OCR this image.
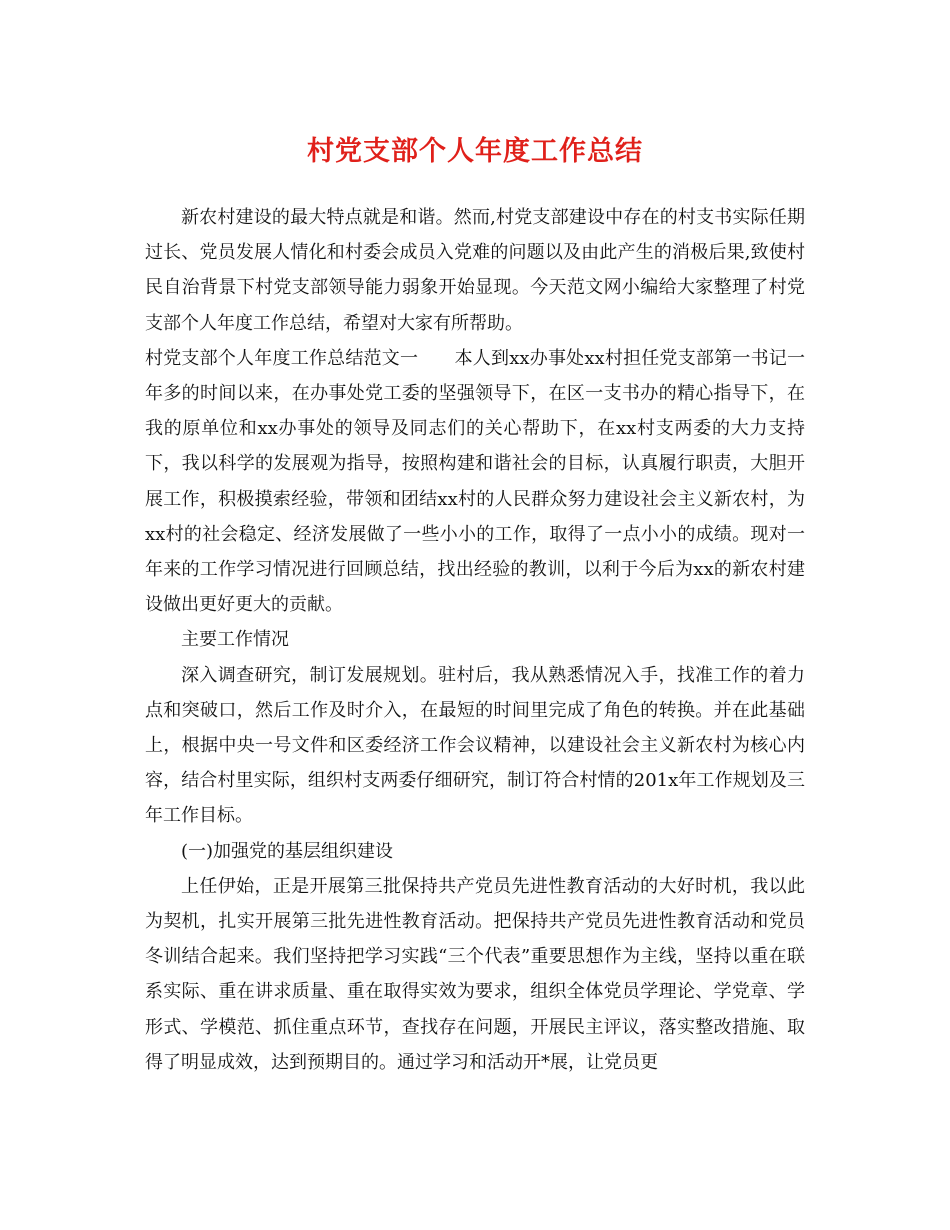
村党支部个人年度工作总结

新农村建设的最大特点就是和谐。然而,村党支部建设中存在的村支书实际任期过长、党员发展人情化和村委会成员入党难的问题以及由此产生的消极后果,致使村民自治背景下村党支部领导能力弱象开始显现。今天范文网小编给大家整理了村党支部个人年度工作总结，希望对大家有所帮助。

村党支部个人年度工作总结范文一　　本人到xx办事处xx村担任党支部第一书记一年多的时间以来，在办事处党工委的坚强领导下，在区一支书办的精心指导下，在我的原单位和xx办事处的领导及同志们的关心帮助下，在xx村支两委的大力支持下，我以科学的发展观为指导，按照构建和谐社会的目标，认真履行职责，大胆开展工作，积极摸索经验，带领和团结xx村的人民群众努力建设社会主义新农村，为xx村的社会稳定、经济发展做了一些小小的工作，取得了一点小小的成绩。现对一年来的工作学习情况进行回顾总结，找出经验的教训，以利于今后为xx的新农村建设做出更好更大的贡献。

主要工作情况

深入调查研究，制订发展规划。驻村后，我从熟悉情况入手，找准工作的着力点和突破口，然后工作及时介入，在最短的时间里完成了角色的转换。并在此基础上，根据中央一号文件和区委经济工作会议精神，以建设社会主义新农村为核心内容，结合村里实际，组织村支两委仔细研究，制订符合村情的201x年工作规划及三年工作目标。

(一)加强党的基层组织建设

上任伊始，正是开展第三批保持共产党员先进性教育活动的大好时机，我以此为契机，扎实开展第三批先进性教育活动。把保持共产党员先进性教育活动和党员冬训结合起来。我们坚持把学习实践“三个代表”重要思想作为主线，坚持以重在联系实际、重在讲求质量、重在取得实效为要求，组织全体党员学理论、学党章、学形式、学模范、抓住重点环节，查找存在问题，开展民主评议，落实整改措施、取得了明显成效，达到预期目的。通过学习和活动开*展，让党员更
